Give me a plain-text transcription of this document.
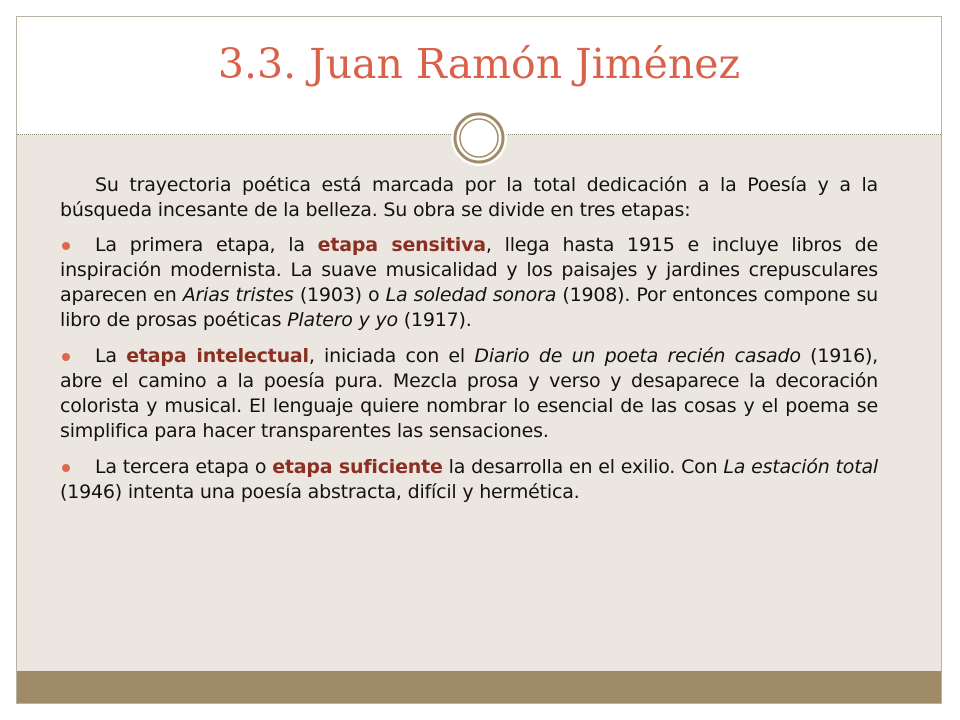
3.3. Juan Ramón Jiménez

Su trayectoria poética está marcada por la total dedicación a la Poesía y a la búsqueda incesante de la belleza. Su obra se divide en tres etapas:

La primera etapa, la etapa sensitiva, llega hasta 1915 e incluye libros de inspiración modernista. La suave musicalidad y los paisajes y jardines crepusculares aparecen en Arias tristes (1903) o La soledad sonora (1908). Por entonces compone su libro de prosas poéticas Platero y yo (1917).

La etapa intelectual, iniciada con el Diario de un poeta recién casado (1916), abre el camino a la poesía pura. Mezcla prosa y verso y desaparece la decoración colorista y musical. El lenguaje quiere nombrar lo esencial de las cosas y el poema se simplifica para hacer transparentes las sensaciones.

La tercera etapa o etapa suficiente la desarrolla en el exilio. Con La estación total (1946) intenta una poesía abstracta, difícil y hermética.
